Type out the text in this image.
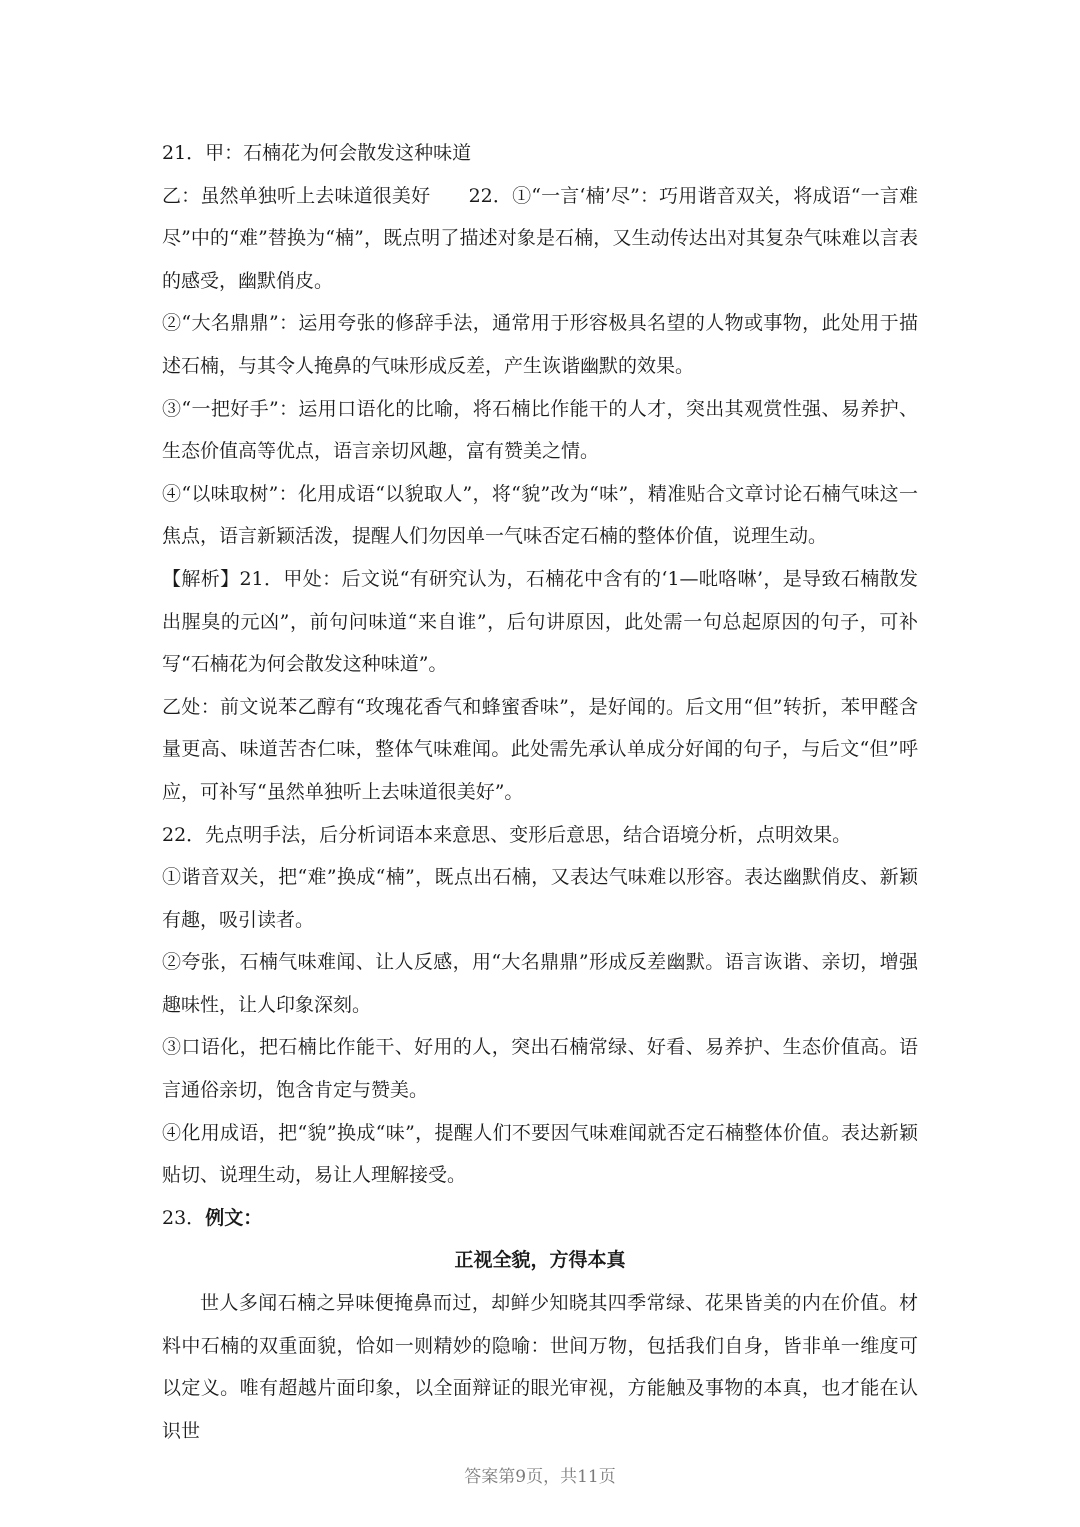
21．甲：石楠花为何会散发这种味道

乙：虽然单独听上去味道很美好　　22．①“一言‘楠’尽”：巧用谐音双关，将成语“一言难尽”中的“难”替换为“楠”，既点明了描述对象是石楠，又生动传达出对其复杂气味难以言表的感受，幽默俏皮。

②“大名鼎鼎”：运用夸张的修辞手法，通常用于形容极具名望的人物或事物，此处用于描述石楠，与其令人掩鼻的气味形成反差，产生诙谐幽默的效果。

③“一把好手”：运用口语化的比喻，将石楠比作能干的人才，突出其观赏性强、易养护、生态价值高等优点，语言亲切风趣，富有赞美之情。

④“以味取树”：化用成语“以貌取人”，将“貌”改为“味”，精准贴合文章讨论石楠气味这一焦点，语言新颖活泼，提醒人们勿因单一气味否定石楠的整体价值，说理生动。

【解析】21．甲处：后文说“有研究认为，石楠花中含有的‘1—吡咯啉’，是导致石楠散发出腥臭的元凶”，前句问味道“来自谁”，后句讲原因，此处需一句总起原因的句子，可补写“石楠花为何会散发这种味道”。

乙处：前文说苯乙醇有“玫瑰花香气和蜂蜜香味”，是好闻的。后文用“但”转折，苯甲醛含量更高、味道苦杏仁味，整体气味难闻。此处需先承认单成分好闻的句子，与后文“但”呼应，可补写“虽然单独听上去味道很美好”。

22．先点明手法，后分析词语本来意思、变形后意思，结合语境分析，点明效果。

①谐音双关，把“难”换成“楠”，既点出石楠，又表达气味难以形容。表达幽默俏皮、新颖有趣，吸引读者。

②夸张，石楠气味难闻、让人反感，用“大名鼎鼎”形成反差幽默。语言诙谐、亲切，增强趣味性，让人印象深刻。

③口语化，把石楠比作能干、好用的人，突出石楠常绿、好看、易养护、生态价值高。语言通俗亲切，饱含肯定与赞美。

④化用成语，把“貌”换成“味”，提醒人们不要因气味难闻就否定石楠整体价值。表达新颖贴切、说理生动，易让人理解接受。

23．例文：

正视全貌，方得本真

世人多闻石楠之异味便掩鼻而过，却鲜少知晓其四季常绿、花果皆美的内在价值。材料中石楠的双重面貌，恰如一则精妙的隐喻：世间万物，包括我们自身，皆非单一维度可以定义。唯有超越片面印象，以全面辩证的眼光审视，方能触及事物的本真，也才能在认识世

答案第9页，共11页
